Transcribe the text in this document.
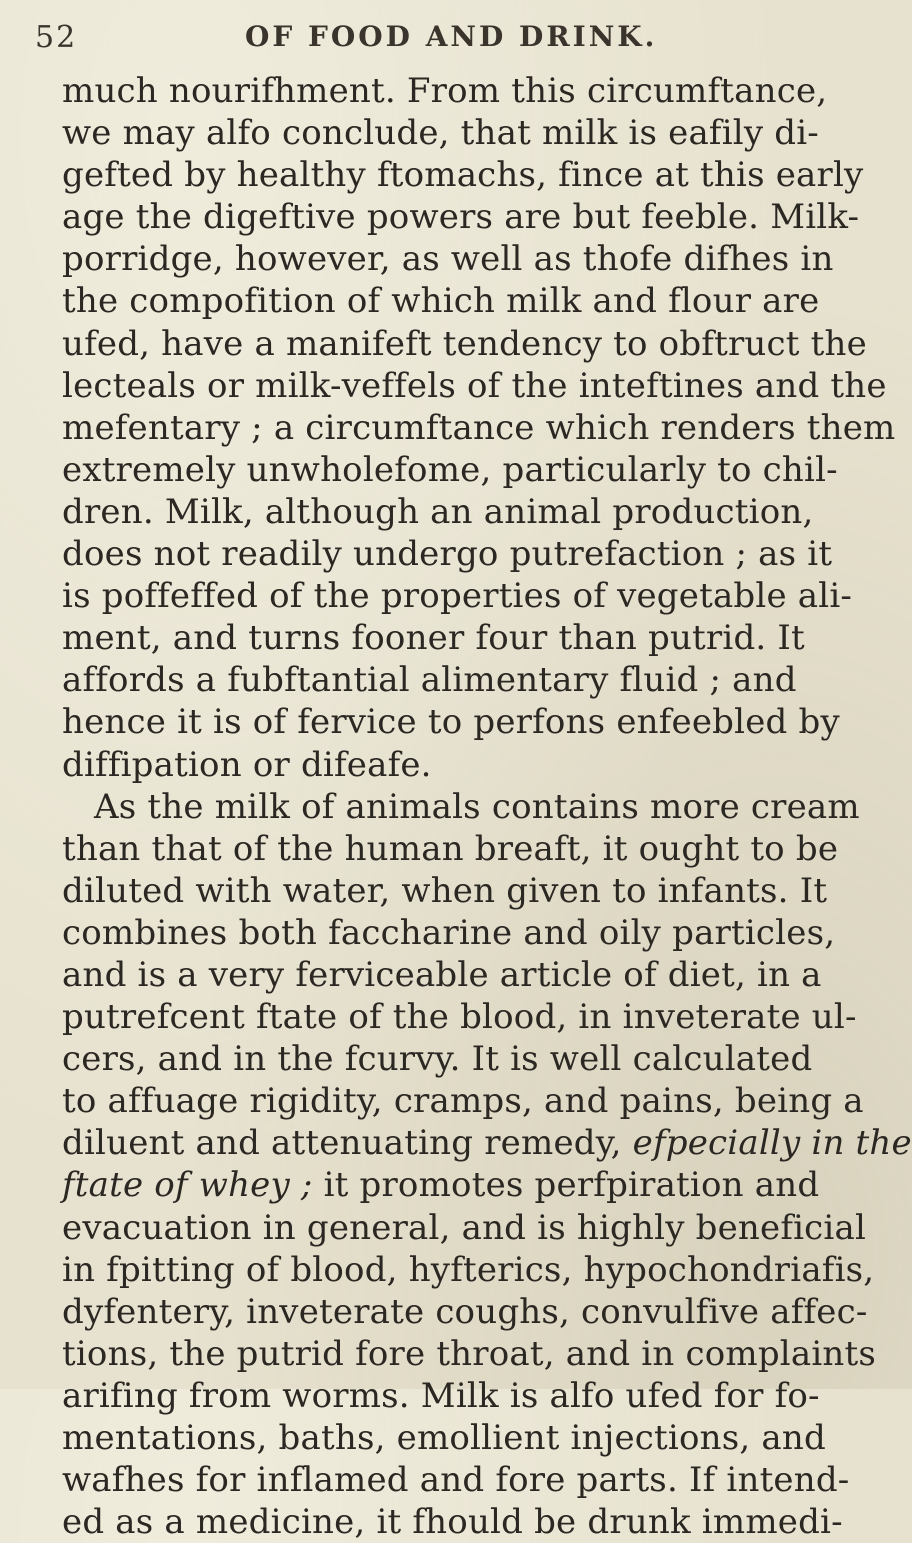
52	OF FOOD AND DRINK.
much nourifhment. From this circumftance,
we may alfo conclude, that milk is eafily di-
gefted by healthy ftomachs, fince at this early
age the digeftive powers are but feeble. Milk-
porridge, however, as well as thofe difhes in
the compofition of which milk and flour are
ufed, have a manifeft tendency to obftruct the
lecteals or milk-veffels of the inteftines and the
mefentary ; a circumftance which renders them
extremely unwholefome, particularly to chil-
dren. Milk, although an animal production,
does not readily undergo putrefaction ; as it
is poffeffed of the properties of vegetable ali-
ment, and turns fooner four than putrid. It
affords a fubftantial alimentary fluid ; and
hence it is of fervice to perfons enfeebled by
diffipation or difeafe.
As the milk of animals contains more cream
than that of the human breaft, it ought to be
diluted with water, when given to infants. It
combines both faccharine and oily particles,
and is a very ferviceable article of diet, in a
putrefcent ftate of the blood, in inveterate ul-
cers, and in the fcurvy. It is well calculated
to affuage rigidity, cramps, and pains, being a
diluent and attenuating remedy, efpecially in the
ftate of whey ; it promotes perfpiration and
evacuation in general, and is highly beneficial
in fpitting of blood, hyfterics, hypochondriafis,
dyfentery, inveterate coughs, convulfive affec-
tions, the putrid fore throat, and in complaints
arifing from worms. Milk is alfo ufed for fo-
mentations, baths, emollient injections, and
wafhes for inflamed and fore parts. If intend-
ed as a medicine, it fhould be drunk immedi-
